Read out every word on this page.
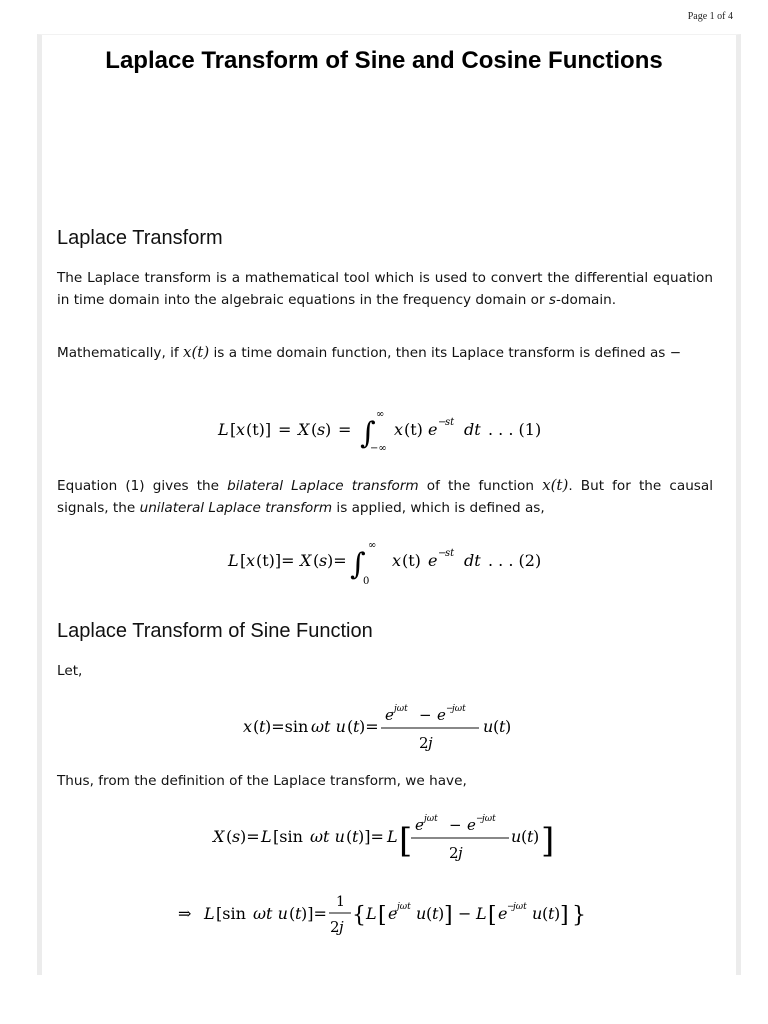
Page 1 of 4
Laplace Transform of Sine and Cosine Functions
Laplace Transform
The Laplace transform is a mathematical tool which is used to convert the differential equation in time domain into the algebraic equations in the frequency domain or s-domain.
Mathematically, if x(t) is a time domain function, then its Laplace transform is defined as −
L [ x (t)] = X ( s ) = ∫
∞
−∞
x (t) e −
st dt . . . (1)
Equation (1) gives the bilateral Laplace transform of the function x(t). But for the causal signals, the unilateral Laplace transform is applied, which is defined as,
L [ x (t)]= X ( s )= ∫
∞
0
x (t) e −
st dt . . . (2)
Laplace Transform of Sine Function
Let,
x ( t )=sin ωt u ( t )=
e jωt − e −
jωt
2 j
u ( t )
Thus, from the definition of the Laplace transform, we have,
X ( s )= L [sin ωt u ( t )]= L [ e jωt − e −
jωt
2 j
u ( t ) ]
⇒ L [sin ωt u ( t )]=
1
2 j { L [ e jωt u ( t ) ] − L [ e −
jωt u ( t ) ] }
